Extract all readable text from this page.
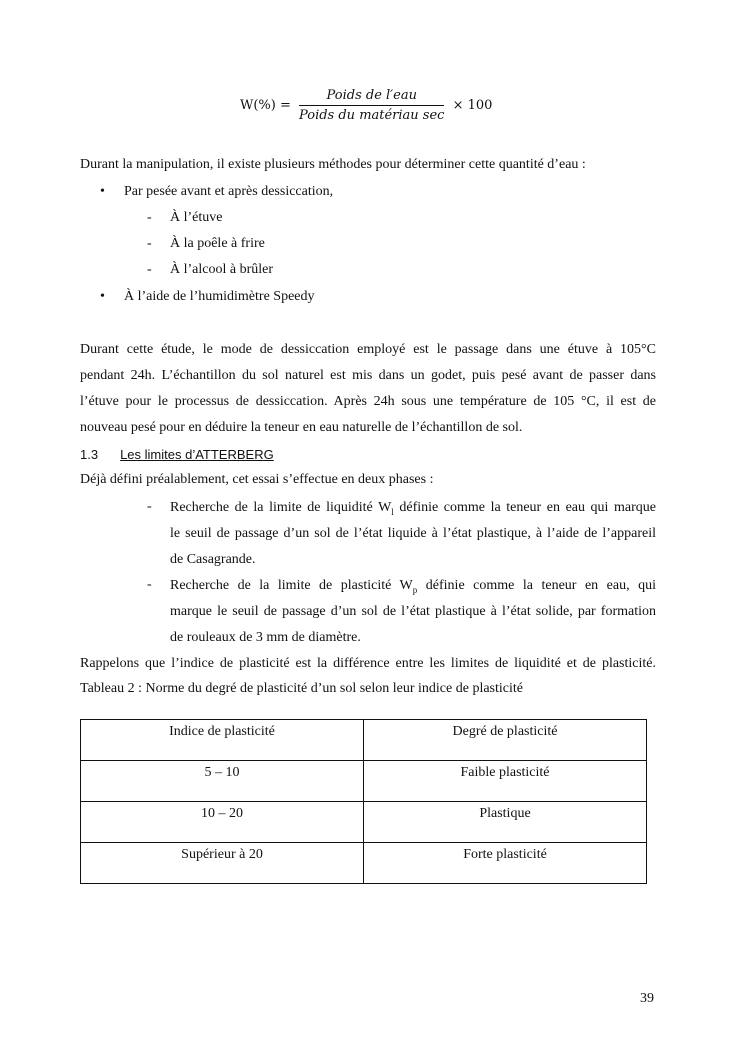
$W(\%) = \frac{\text{Poids de l′eau}}{\text{Poids du matériau sec}} \times 100$
Durant la manipulation, il existe plusieurs méthodes pour déterminer cette quantité d’eau :
• Par pesée avant et après dessiccation,
- À l’étuve
- À la poêle à frire
- À l’alcool à brûler
• À l’aide de l’humidimètre Speedy
Durant cette étude, le mode de dessiccation employé est le passage dans une étuve à 105°C
pendant 24h. L’échantillon du sol naturel est mis dans un godet, puis pesé avant de passer dans
l’étuve pour le processus de dessiccation. Après 24h sous une température de 105 °C, il est de
nouveau pesé pour en déduire la teneur en eau naturelle de l’échantillon de sol.
1.3 Les limites d’ATTERBERG
Déjà défini préalablement, cet essai s’effectue en deux phases :
- Recherche de la limite de liquidité $W_l$ définie comme la teneur en eau qui marque
le seuil de passage d’un sol de l’état liquide à l’état plastique, à l’aide de l’appareil
de Casagrande.
- Recherche de la limite de plasticité $W_p$ définie comme la teneur en eau, qui
marque le seuil de passage d’un sol de l’état plastique à l’état solide, par formation
de rouleaux de 3 mm de diamètre.
Rappelons que l’indice de plasticité est la différence entre les limites de liquidité et de plasticité.
Tableau 2 : Norme du degré de plasticité d’un sol selon leur indice de plasticité
Indice de plasticité	Degré de plasticité
5 – 10	Faible plasticité
10 – 20	Plastique
Supérieur à 20	Forte plasticité
39
